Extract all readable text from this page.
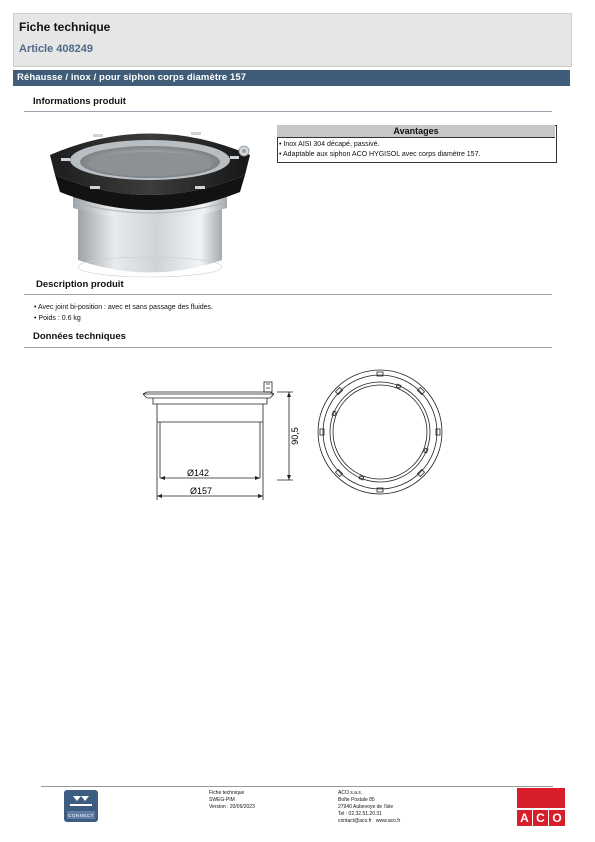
Fiche technique
Article 408249
Réhausse / inox / pour siphon corps diamètre 157
Informations produit
Avantages
• Inox AISI 304 décapé, passivé.
• Adaptable aux siphon ACO HYGISOL avec corps diamètre 157.
Description produit
• Avec joint bi-position : avec et sans passage des fluides.
• Poids : 0.6 kg
Données techniques
90,5
Ø142
Ø157
CONNECT
Fiche technique
SWEG-PIM
Version : 20/09/2023
ACO s.a.s.
Boîte Postale 85
27940 Aubevoye de l'isle
Tel : 02.32.51.20.31
contact@aco.fr www.aco.fr	A C O
